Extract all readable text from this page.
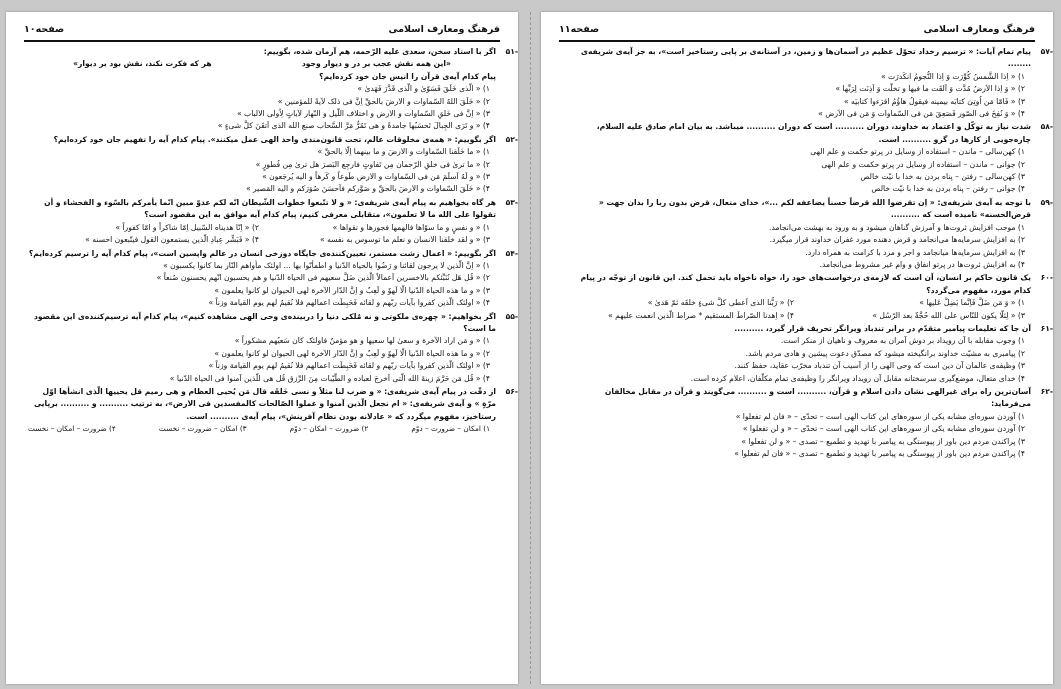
فرهنگ ومعارف اسلامی
صفحه۱۱
۵۷-
پیام تمام آیات: « ترسیم رخداد تحوّل عظیم در آسمان‌ها و زمین، در آستانه‌ی بر پایی رستاخیز است»، به جز آیه‌ی شریفه‌ی ........
۱) « اِذا الشَّمسُ کُوِّرَت وَ اِذا النُّجومُ انکَدرَت »
۲) « وَ اِذا الاَرضُ مُدَّت وَ اَلقَت ما فیها و تخلَّت وَ اَذِنَت لِرَبِّها »
۳) « فَامّا مَن اُوتِیَ کتابَه بیمینه فیقولُ هاؤُمُ اقرَءوا کتابیَه »
۴) « وَ نُفِخَ فی الصّور فَصَعِقَ مَن فی السّماوات وَ مَن فی الاَرض »
۵۸-
شدت نیاز به توکّل و اعتماد به خداوند، دوران .......... است که دوران .......... میباشد. به بیان امام صادق علیه السلام، چاره‌جویی از کارها در گرو .......... است.
۱) کهن‌سالی – ماندن – استفاده از وسایل در پرتو حکمت و علم الهی
۲) جوانی – ماندن – استفاده از وسایل در پرتو حکمت و علم الهی
۳) کهن‌سالی – رفتن – پناه بردن به خدا با نیّت خالص
۴) جوانی – رفتن – پناه بردن به خدا با نیّت خالص
۵۹-
با توجه به آیه‌ی شریفه‌ی: « اِن تقرضوا الله قرضاً حسناً یضاعفه لکم ...»، خدای متعال، قرض بدون ربا را بدان جهت « قرض‌الحسنه» نامیده است که ..........
۱) موجب افزایش ثروت‌ها و آمرزش گناهان میشود و به ورود به بهشت می‌انجامد.
۲) به افزایش سرمایه‌ها می‌انجامد و قرض دهنده مورد غفران خداوند قرار میگیرد.
۳) به افزایش سرمایه‌ها میانجامد و اجر و مزد با کرامت به همراه دارد.
۴) به افزایش ثروت‌ها در پرتو انفاق و وام غیر مشروط می‌انجامد.
۶۰-
یک قانون حاکم بر انسان، آن است که لازمه‌ی درخواست‌های خود را، خواه ناخواه باید تحمل کند. این قانون از توجّه در پیام کدام مورد، مفهوم می‌گردد؟
۱) « وَ مَن ضَلَّ فَاِنَّما یَضِلُّ عَلیها »
۲) « رَبُّنا الذی اَعطی کلَّ شیءٍ خلقَه ثمّ هَدیٰ »
۳) « لِئلّا یکون للنّاس علی الله حُجَّةٌ بعد الرّسُل »
۴) « اِهدنا الصّراطَ المستقیم * صراط الّذین انعمت علیهم »
۶۱-
آن جا که تعلیمات پیامبر متقدّم در برابر تندباد ویرانگر تحریف قرار گیرد، ..........
۱) وجوب مقابله با آن رویداد بر دوش آمران به معروف و ناهیان از منکر است.
۲) پیامبری به مشیّت خداوند برانگیخته میشود که مصدّق دعوت پیشین و هادی مردم باشد.
۳) وظیفه‌ی عالمان آن دین است که وحی الهی را از آسیب آن تندباد مخرّب عقاید، حفظ کنند.
۴) خدای متعال، موضع‌گیری سرسختانه مقابل آن رویداد ویرانگر را وظیفه‌ی تمام مکلّفان، اعلام کرده است.
۶۲-
آسان‌ترین راه برای غیرالهی نشان دادن اسلام و قرآن، .......... است و .......... می‌گویند و قرآن در مقابل مخالفان می‌فرماید:
۱) آوردن سوره‌ای مشابه یکی از سوره‌های این کتاب الهی است – تحدّی – « فان لم تفعلوا »
۲) آوردن سوره‌ای مشابه یکی از سوره‌های این کتاب الهی است – تحدّی – « و لن تفعلوا »
۳) پراکندن مردم دین باور از پیوستگی به پیامبر با تهدید و تطمیع – تصدی – « و لن تفعلوا »
۴) پراکندن مردم دین باور از پیوستگی به پیامبر با تهدید و تطمیع – تصدی – « فان لم تفعلوا »
فرهنگ ومعارف اسلامی
صفحه۱۰
۵۱-
اگر با استاد سخن، سعدی علیه الرّحمه، هم آرمان شده، بگوییم:
«این همه نقش عجب بر در و دیوار وجود
هر که فکرت نکند، نقش بود بر دیوار»
پیام کدام آیه‌ی قرآن را انیس جان خود کرده‌ایم؟
۱) « الّذی خَلَقَ فَسَوّیٰ و الّذی قَدَّرَ فَهَدیٰ »
۲) « خَلَقَ اللهُ السّماوات و الارضَ بالحقِّ اِنَّ فی ذلک لآیةً للمؤمنین »
۳) « اِنَّ فی خَلقِ السّماوات و الارض و اختلاف اللّیل و النّهار لآیاتٍ لِاُولی الالباب »
۴) « و تَرَی الجِبالَ تَحسَبُها جامدةً و هی تَمُرُّ مَرَّ السَّحاب صنع الله الذی اَتقَنَ کلَّ شیءٍ »
۵۲-
اگر بگوییم: « همه‌ی مخلوقات عالم، تحت قانون‌مندی واحد الهی عمل میکنند». پیام کدام آیه را تفهیم جان خود کرده‌ایم؟
۱) « ما خَلَقنا السّماوات و الارضَ و ما بینهما اِلّا بالحقِّ »
۲) « ما تریٰ فی خلقِ الرّحمان مِن تَفاوتٍ فارجِع البَصرَ هل تریٰ مِن فُطورٍ »
۳) « و لَهُ اَسلَمَ مَن فی السّماوات و الارض طَوعاً و کَرهاً و الیه یُرجَعون »
۴) « خَلَقَ السّماوات و الارضَ بالحقِّ و صَوَّرکم فاَحسَنَ صُوَرَکم و الیه المَصیر »
۵۳-
هر گاه بخواهیم به پیام آیه‌ی شریفه‌ی: « و لا تتّبعوا خطوات الشّیطان انّه لکم عدوّ مبین انّما یأمرکم بالسّوء و الفحشاء و أن تقولوا علی الله ما لا تعلمون»، متقابلی معرفی کنیم، پیام کدام آیه موافق به این مقصود است؟
۱) « و نفسٍ و ما سوّاها فالهمها فجورها و تقواها »
۲) « اِنّا هدیناه السّبیل اِمّا شاکراً و امّا کفوراً »
۳) « و لقد خلقنا الانسان و نعلم ما توسوس به نفسه »
۴) « فَبَشِّر عِبادِ الّذین یستمعون القول فیتّبعون احسنه »
۵۴-
اگر بگوییم: « اعمال زشت مستمر، تعیین‌کننده‌ی جایگاه دوزخی انسان در عالم واپسین است»، پیام کدام آیه را ترسیم کرده‌ایم؟
۱) « اِنَّ الّذین لا یرجون لقائنا و رَضُوا بالحیاة الدّنیا و اطمأنّوا بها ... اولئک مأواهم النّار بما کانوا یکسبون »
۲) « قُل هَل نُنَبِّئکم بالاخسرین اَعمالاً الّذین ضَلَّ سعیهم فی الحیاة الدّنیا و هم یحسبون انّهم یحسنون صُنعاً »
۳) « و ما هذه الحیاة الدّنیا الّا لَهوٌ و لَعِبٌ و اِنَّ الدّار الآخرة لهی الحیوان لو کانوا یعلمون »
۴) « اولئک الّذین کفروا بآیات ربّهم و لقائه فَحَبِطَت اعمالهم فلا نُقیمُ لهم یوم القیامة وزناً »
۵۵-
اگر بخواهیم: « چهره‌ی ملکوتی و نه مُلکی دنیا را دربینده‌ی وحی الهی مشاهده کنیم»، پیام کدام آیه ترسیم‌کننده‌ی این مقصود ما است؟
۱) « و مَن اراد الآخرة و سعیٰ لها سعیها و هو مؤمنٌ فاولئک کان سَعیُهم مشکوراً »
۲) « و ما هذه الحیاة الدّنیا الّا لَهوٌ و لَعِبٌ و اِنَّ الدّار الآخرة لهی الحیوان لو کانوا یعلمون »
۳) « اولئک الّذین کفروا بآیات ربّهم و لقائه فَحَبِطَت اعمالهم فلا نُقیمُ لهم یوم القیامة وزناً »
۴) « قُل مَن حَرَّمَ زینةَ الله الّتی اَخرجَ لعباده و الطّیّبات مِنَ الرِّزق قُل هی للّذین آمنوا فی الحیاة الدّنیا »
۵۶-
از دقّت در پیام آیه‌ی شریفه‌ی: « و ضرب لنا مثلاً و نسی خَلقَه قال مَن یُحیی العظام و هی رمیم قل یحییها الّذی انشأها اوّل مرّةٍ » و آیه‌ی شریفه‌ی: « ام نجعل الّذین آمنوا و عملوا الصّالحات کالمفسدین فی الارض»، به ترتیب .......... و .......... برپایی رستاخیز، مفهوم میگردد که « عادلانه بودن نظام آفرینش»، پیام آیه‌ی .......... است.
۱) امکان – ضرورت – دوّم
۲) ضرورت – امکان – دوّم
۳) امکان – ضرورت – نخست
۴) ضرورت – امکان – نخست
